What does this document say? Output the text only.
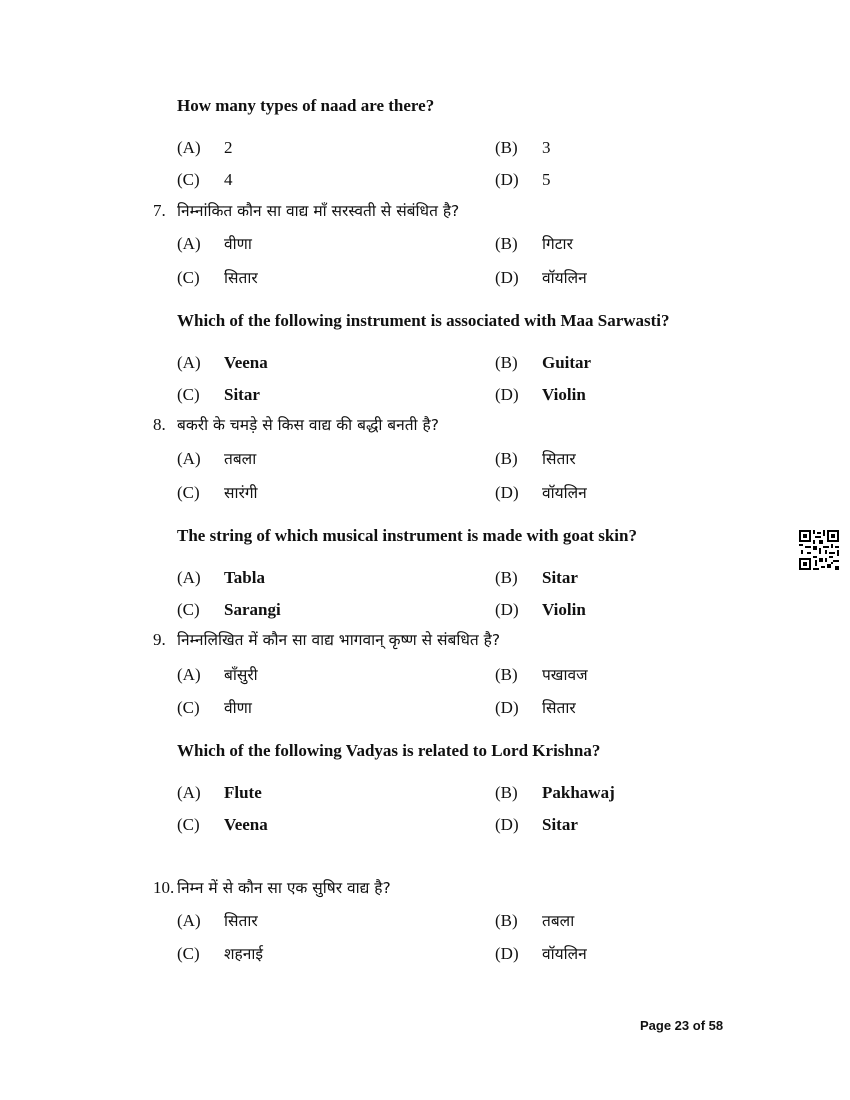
How many types of naad are there?
(A) 2	(B) 3
(C) 4	(D) 5
7. निम्नांकित कौन सा वाद्य माँ सरस्वती से संबंधित है?
(A) वीणा	(B) गिटार
(C) सितार	(D) वॉयलिन
Which of the following instrument is associated with Maa Sarwasti?
(A) Veena	(B) Guitar
(C) Sitar	(D) Violin
8. बकरी के चमड़े से किस वाद्य की बद्धी बनती है?
(A) तबला	(B) सितार
(C) सारंगी	(D) वॉयलिन
The string of which musical instrument is made with goat skin?
(A) Tabla	(B) Sitar
(C) Sarangi	(D) Violin
9. निम्नलिखित में कौन सा वाद्य भागवान् कृष्ण से संबधित है?
(A) बाँसुरी	(B) पखावज
(C) वीणा	(D) सितार
Which of the following Vadyas is related to Lord Krishna?
(A) Flute	(B) Pakhawaj
(C) Veena	(D) Sitar
10. निम्न में से कौन सा एक सुषिर वाद्य है?
(A) सितार	(B) तबला
(C) शहनाई	(D) वॉयलिन
Page 23 of 58
